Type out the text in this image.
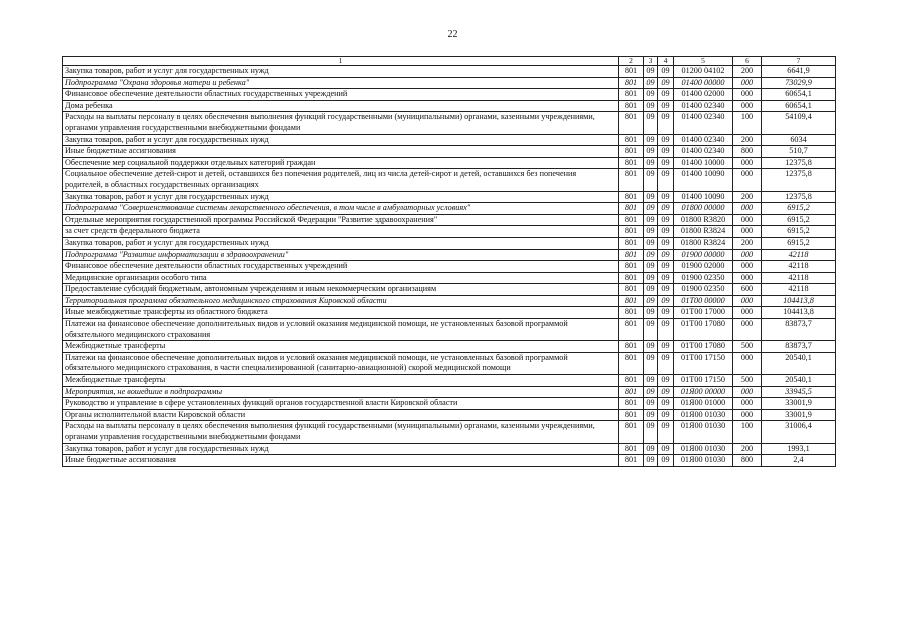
22
1	2	3	4	5	6	7
Закупка товаров, работ и услуг для государственных нужд	801	09	09	01200 04102	200	6641,9
Подпрограмма "Охрана здоровья матери и ребенка"	801	09	09	01400 00000	000	73029,9
Финансовое обеспечение деятельности областных государственных учреждений	801	09	09	01400 02000	000	60654,1
Дома ребенка	801	09	09	01400 02340	000	60654,1
Расходы на выплаты персоналу в целях обеспечения выполнения функций государственными (муниципальными) органами, казенными учреждениями, органами управления государственными внебюджетными фондами	801	09	09	01400 02340	100	54109,4
Закупка товаров, работ и услуг для государственных нужд	801	09	09	01400 02340	200	6034
Иные бюджетные ассигнования	801	09	09	01400 02340	800	510,7
Обеспечение мер социальной поддержки отдельных категорий граждан	801	09	09	01400 10000	000	12375,8
Социальное обеспечение детей-сирот и детей, оставшихся без попечения родителей, лиц из числа детей-сирот и детей, оставшихся без попечения родителей, в областных государственных организациях	801	09	09	01400 10090	000	12375,8
Закупка товаров, работ и услуг для государственных нужд	801	09	09	01400 10090	200	12375,8
Подпрограмма "Совершенствование системы лекарственного обеспечения, в том числе в амбулаторных условиях"	801	09	09	01800 00000	000	6915,2
Отдельные мероприятия государственной программы Российской Федерации "Развитие здравоохранения"	801	09	09	01800 R3820	000	6915,2
за счет средств федерального бюджета	801	09	09	01800 R3824	000	6915,2
Закупка товаров, работ и услуг для государственных нужд	801	09	09	01800 R3824	200	6915,2
Подпрограмма "Развитие информатизации в здравоохранении"	801	09	09	01900 00000	000	42118
Финансовое обеспечение деятельности областных государственных учреждений	801	09	09	01900 02000	000	42118
Медицинские организации особого типа	801	09	09	01900 02350	000	42118
Предоставление субсидий бюджетным, автономным учреждениям и иным некоммерческим организациям	801	09	09	01900 02350	600	42118
Территориальная программа обязательного медицинского страхования Кировской области	801	09	09	01Т00 00000	000	104413,8
Иные межбюджетные трансферты из областного бюджета	801	09	09	01Т00 17000	000	104413,8
Платежи на финансовое обеспечение дополнительных видов и условий оказания медицинской помощи, не установленных базовой программой обязательного медицинского страхования	801	09	09	01Т00 17080	000	83873,7
Межбюджетные трансферты	801	09	09	01Т00 17080	500	83873,7
Платежи на финансовое обеспечение дополнительных видов и условий оказания медицинской помощи, не установленных базовой программой обязательного медицинского страхования, в части специализированной (санитарно-авиационной) скорой медицинской помощи	801	09	09	01Т00 17150	000	20540,1
Межбюджетные трансферты	801	09	09	01Т00 17150	500	20540,1
Мероприятия, не вошедшие в подпрограммы	801	09	09	01Я00 00000	000	33945,5
Руководство и управление в сфере установленных функций органов государственной власти Кировской области	801	09	09	01Я00 01000	000	33001,9
Органы исполнительной власти Кировской области	801	09	09	01Я00 01030	000	33001,9
Расходы на выплаты персоналу в целях обеспечения выполнения функций государственными (муниципальными) органами, казенными учреждениями, органами управления государственными внебюджетными фондами	801	09	09	01Я00 01030	100	31006,4
Закупка товаров, работ и услуг для государственных нужд	801	09	09	01Я00 01030	200	1993,1
Иные бюджетные ассигнования	801	09	09	01Я00 01030	800	2,4
